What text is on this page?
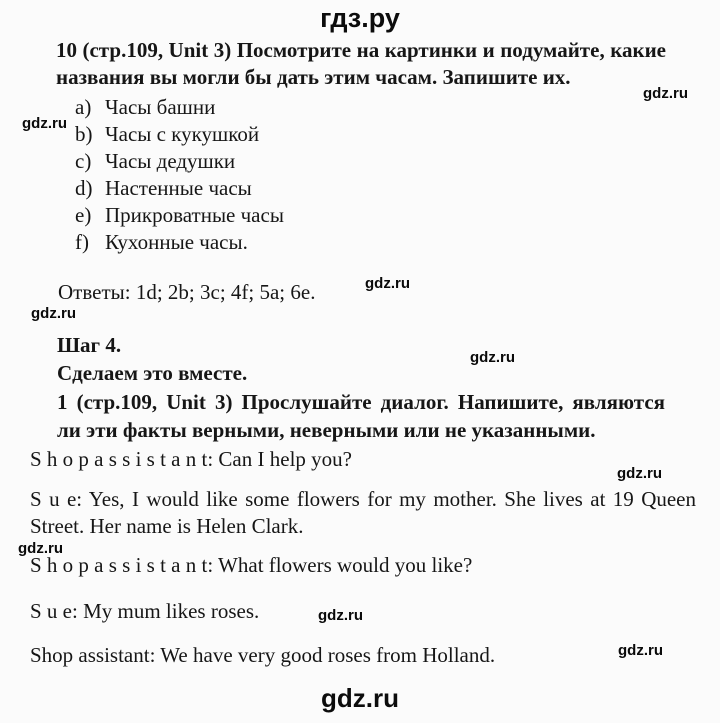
гдз.ру
10 (стр.109, Unit 3) Посмотрите на картинки и подумайте, какие названия вы могли бы дать этим часам. Запишите их.
a) Часы башни
b) Часы с кукушкой
c) Часы дедушки
d) Настенные часы
e) Прикроватные часы
f) Кухонные часы.
Ответы: 1d; 2b; 3c; 4f; 5a; 6e.
Шаг 4.
Сделаем это вместе.
1 (стр.109, Unit 3) Прослушайте диалог. Напишите, являются ли эти факты верными, неверными или не указанными.
S h o p a s s i s t a n t: Can I help you?
S u e: Yes, I would like some flowers for my mother. She lives at 19 Queen Street. Her name is Helen Clark.
S h o p a s s i s t a n t: What flowers would you like?
S u e: My mum likes roses.
Shop assistant: We have very good roses from Holland.
gdz.ru
gdz.ru
gdz.ru
gdz.ru
gdz.ru
gdz.ru
gdz.ru
gdz.ru
gdz.ru
gdz.ru
